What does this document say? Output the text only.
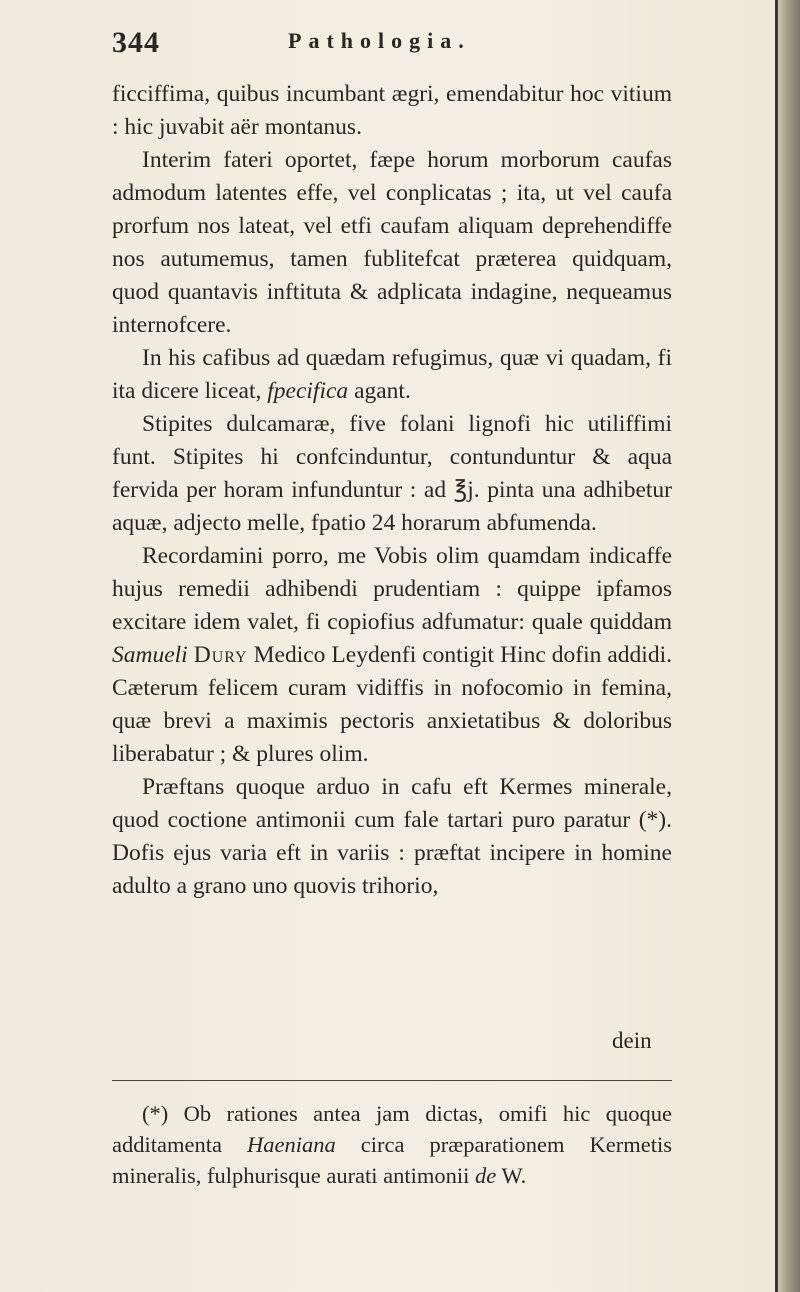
344	Pathologia.

ficciffima, quibus incumbant ægri, emendabitur hoc vitium : hic juvabit aër montanus.

Interim fateri oportet, fæpe horum morborum caufas admodum latentes effe, vel conplicatas ; ita, ut vel caufa prorfum nos lateat, vel etfi caufam aliquam deprehendiffe nos autumemus, tamen fublitefcat præterea quidquam, quod quantavis inftituta & adplicata indagine, nequeamus internofcere.

In his cafibus ad quædam refugimus, quæ vi quadam, fi ita dicere liceat, fpecifica agant.

Stipites dulcamaræ, five folani lignofi hic utiliffimi funt. Stipites hi confcinduntur, contunduntur & aqua fervida per horam infunduntur : ad ℥j. pinta una adhibetur aquæ, adjecto melle, fpatio 24 horarum abfumenda.

Recordamini porro, me Vobis olim quamdam indicaffe hujus remedii adhibendi prudentiam : quippe ipfamos excitare idem valet, fi copiofius adfumatur: quale quiddam Samueli Dury Medico Leydenfi contigit Hinc dofin addidi. Cæterum felicem curam vidiffis in nofocomio in femina, quæ brevi a maximis pectoris anxietatibus & doloribus liberabatur ; & plures olim.

Præftans quoque arduo in cafu eft Kermes minerale, quod coctione antimonii cum fale tartari puro paratur (*). Dofis ejus varia eft in variis : præftat incipere in homine adulto a grano uno quovis trihorio,

dein

(*) Ob rationes antea jam dictas, omifi hic quoque additamenta Haeniana circa præparationem Kermetis mineralis, fulphurisque aurati antimonii de W.
